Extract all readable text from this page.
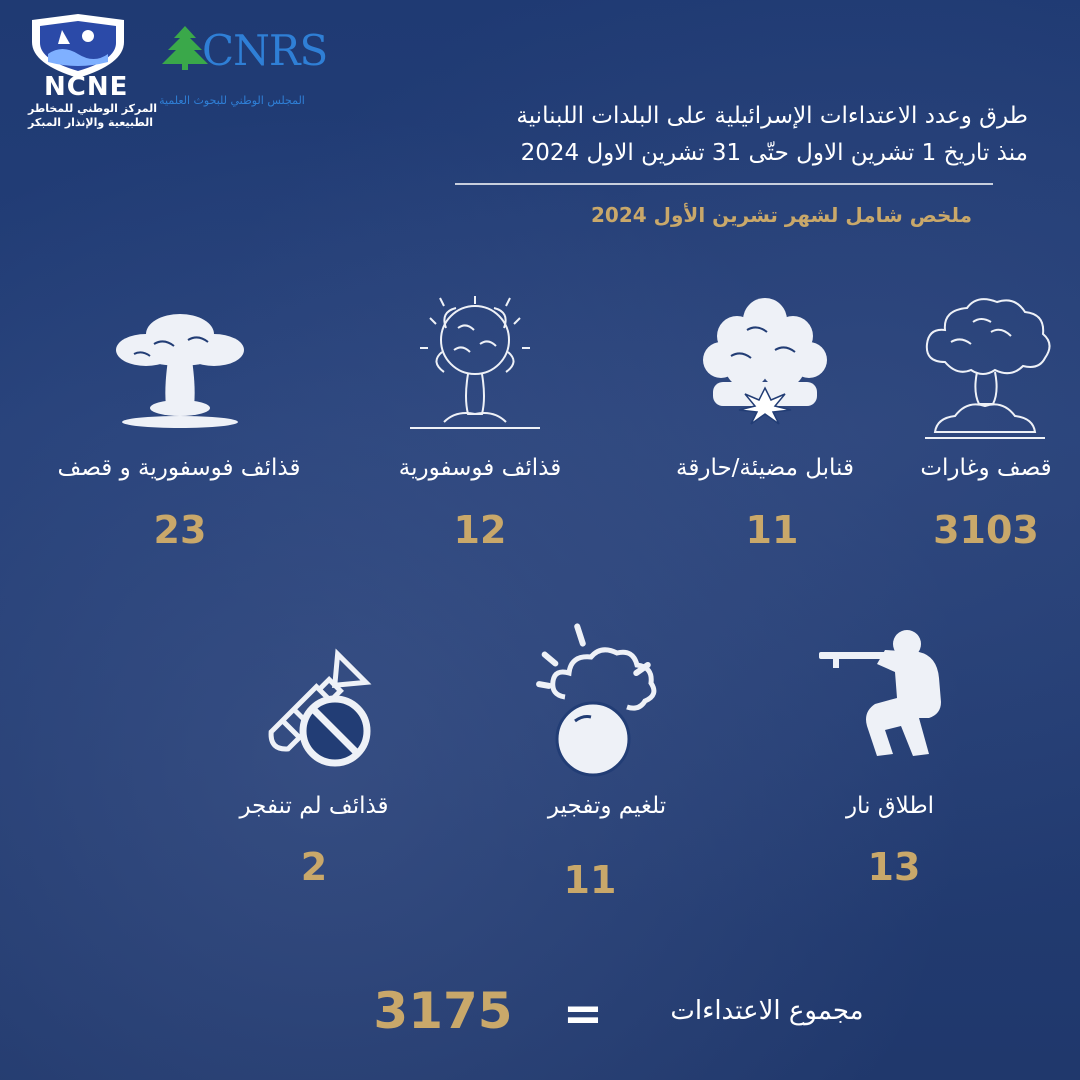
NCNE
المركز الوطني للمخاطر
الطبيعية والإنذار المبكر
CNRS
المجلس الوطني للبحوث العلمية
طرق وعدد الاعتداءات الإسرائيلية على البلدات اللبنانية
منذ تاريخ 1 تشرين الاول حتّى 31 تشرين الاول 2024
ملخص شامل لشهر تشرين الأول 2024
قصف وغارات
قنابل مضيئة/حارقة
قذائف فوسفورية
قذائف فوسفورية و قصف
3103
11
12
23
اطلاق نار
تلغيم وتفجير
قذائف لم تنفجر
13
11
2
مجموع الاعتداءات
=
3175
